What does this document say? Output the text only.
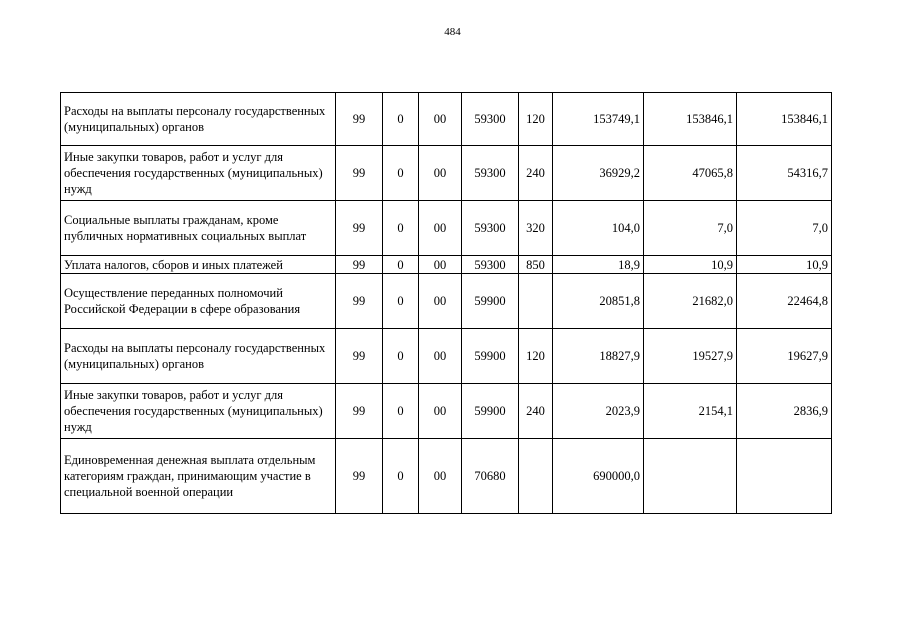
484
Расходы на выплаты персоналу государственных (муниципальных) органов	99	0	00	59300	120	153749,1	153846,1	153846,1
Иные закупки товаров, работ и услуг для обеспечения государственных (муниципальных) нужд	99	0	00	59300	240	36929,2	47065,8	54316,7
Социальные выплаты гражданам, кроме публичных нормативных социальных выплат	99	0	00	59300	320	104,0	7,0	7,0
Уплата налогов, сборов и иных платежей	99	0	00	59300	850	18,9	10,9	10,9
Осуществление переданных полномочий Российской Федерации в сфере образования	99	0	00	59900		20851,8	21682,0	22464,8
Расходы на выплаты персоналу государственных (муниципальных) органов	99	0	00	59900	120	18827,9	19527,9	19627,9
Иные закупки товаров, работ и услуг для обеспечения государственных (муниципальных) нужд	99	0	00	59900	240	2023,9	2154,1	2836,9
Единовременная денежная выплата отдельным категориям граждан, принимающим участие в специальной военной операции	99	0	00	70680		690000,0		
